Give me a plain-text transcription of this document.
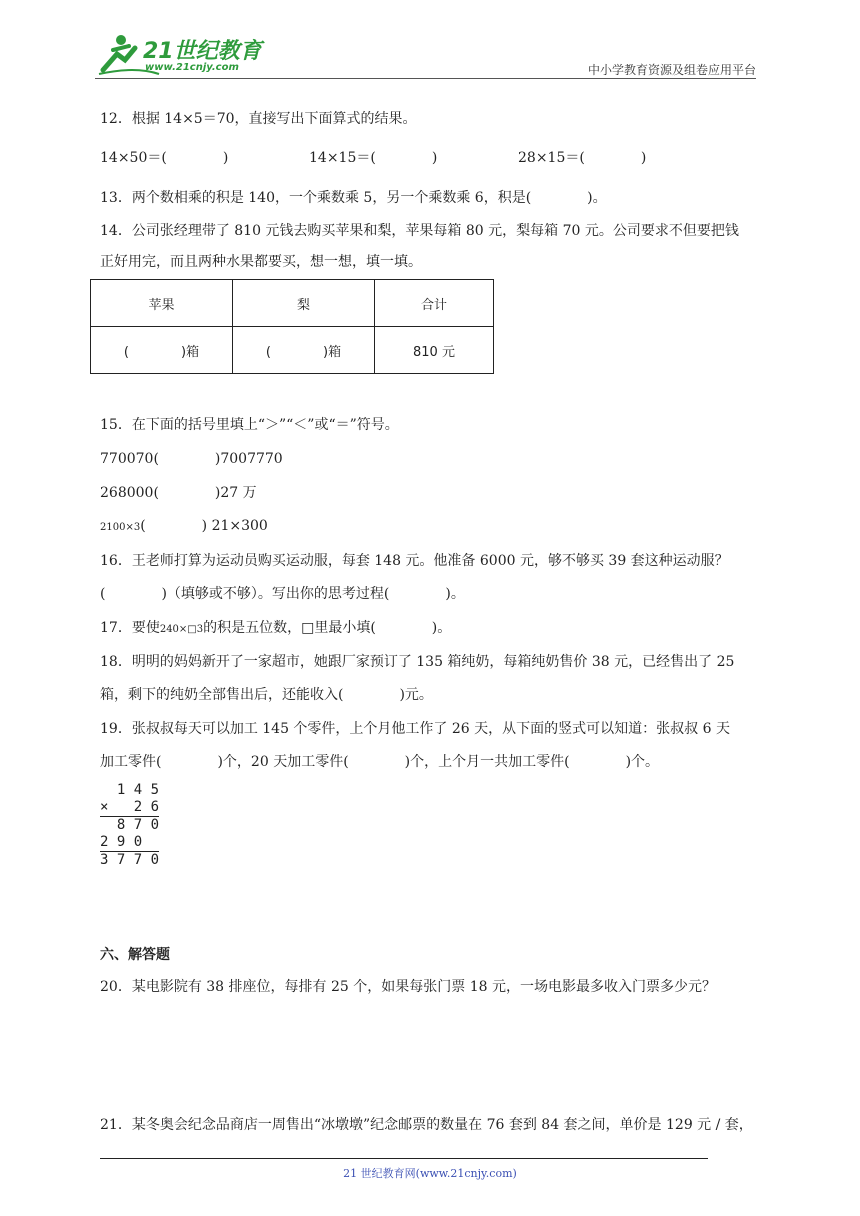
21世纪教育
www.21cnjy.com	中小学教育资源及组卷应用平台
12．根据 14×5＝70，直接写出下面算式的结果。
14×50＝(　　　　)	14×15＝(　　　　)	28×15＝(　　　　)
13．两个数相乘的积是 140，一个乘数乘 5，另一个乘数乘 6，积是(　　　　)。
14．公司张经理带了 810 元钱去购买苹果和梨，苹果每箱 80 元，梨每箱 70 元。公司要求不但要把钱
正好用完，而且两种水果都要买，想一想，填一填。
苹果	梨	合计
(　　　　)箱	(　　　　)箱	810 元
15．在下面的括号里填上“＞”“＜”或“＝”符号。
770070(　　　　)7007770
268000(　　　　)27 万
2100×3(　　　　) 21×300
16．王老师打算为运动员购买运动服，每套 148 元。他准备 6000 元，够不够买 39 套这种运动服？
(　　　　)（填够或不够）。写出你的思考过程(　　　　)。
17．要使240×□3的积是五位数，□里最小填(　　　　)。
18．明明的妈妈新开了一家超市，她跟厂家预订了 135 箱纯奶，每箱纯奶售价 38 元，已经售出了 25
箱，剩下的纯奶全部售出后，还能收入(　　　　)元。
19．张叔叔每天可以加工 145 个零件，上个月他工作了 26 天，从下面的竖式可以知道：张叔叔 6 天
加工零件(　　　　)个，20 天加工零件(　　　　)个，上个月一共加工零件(　　　　)个。
1 4 5
×   2 6
8 7 0
2 9 0
3 7 7 0
六、解答题
20．某电影院有 38 排座位，每排有 25 个，如果每张门票 18 元，一场电影最多收入门票多少元？
21．某冬奥会纪念品商店一周售出“冰墩墩”纪念邮票的数量在 76 套到 84 套之间，单价是 129 元 / 套，
21 世纪教育网(www.21cnjy.com)
